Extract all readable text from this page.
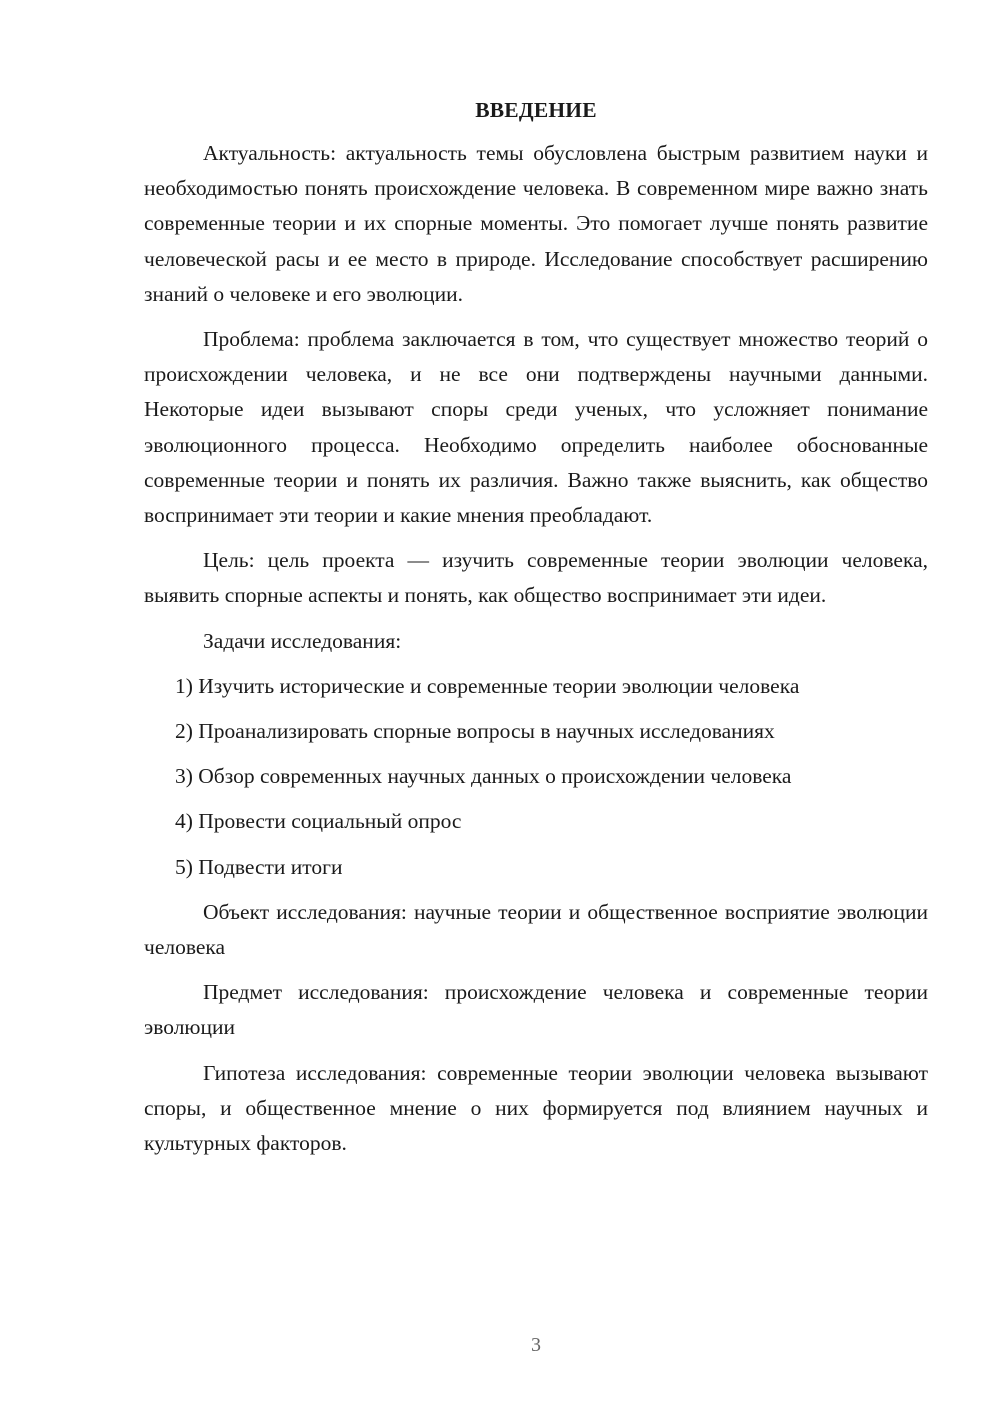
ВВЕДЕНИЕ

Актуальность: актуальность темы обусловлена быстрым развитием науки и необходимостью понять происхождение человека. В современном мире важно знать современные теории и их спорные моменты. Это помогает лучше понять развитие человеческой расы и ее место в природе. Исследование способствует расширению знаний о человеке и его эволюции.

Проблема: проблема заключается в том, что существует множество теорий о происхождении человека, и не все они подтверждены научными данными. Некоторые идеи вызывают споры среди ученых, что усложняет понимание эволюционного процесса. Необходимо определить наиболее обоснованные современные теории и понять их различия. Важно также выяснить, как общество воспринимает эти теории и какие мнения преобладают.

Цель: цель проекта — изучить современные теории эволюции человека, выявить спорные аспекты и понять, как общество воспринимает эти идеи.

Задачи исследования:

1) Изучить исторические и современные теории эволюции человека
2) Проанализировать спорные вопросы в научных исследованиях
3) Обзор современных научных данных о происхождении человека
4) Провести социальный опрос
5) Подвести итоги

Объект исследования: научные теории и общественное восприятие эволюции человека

Предмет исследования: происхождение человека и современные теории эволюции

Гипотеза исследования: современные теории эволюции человека вызывают споры, и общественное мнение о них формируется под влиянием научных и культурных факторов.

3
